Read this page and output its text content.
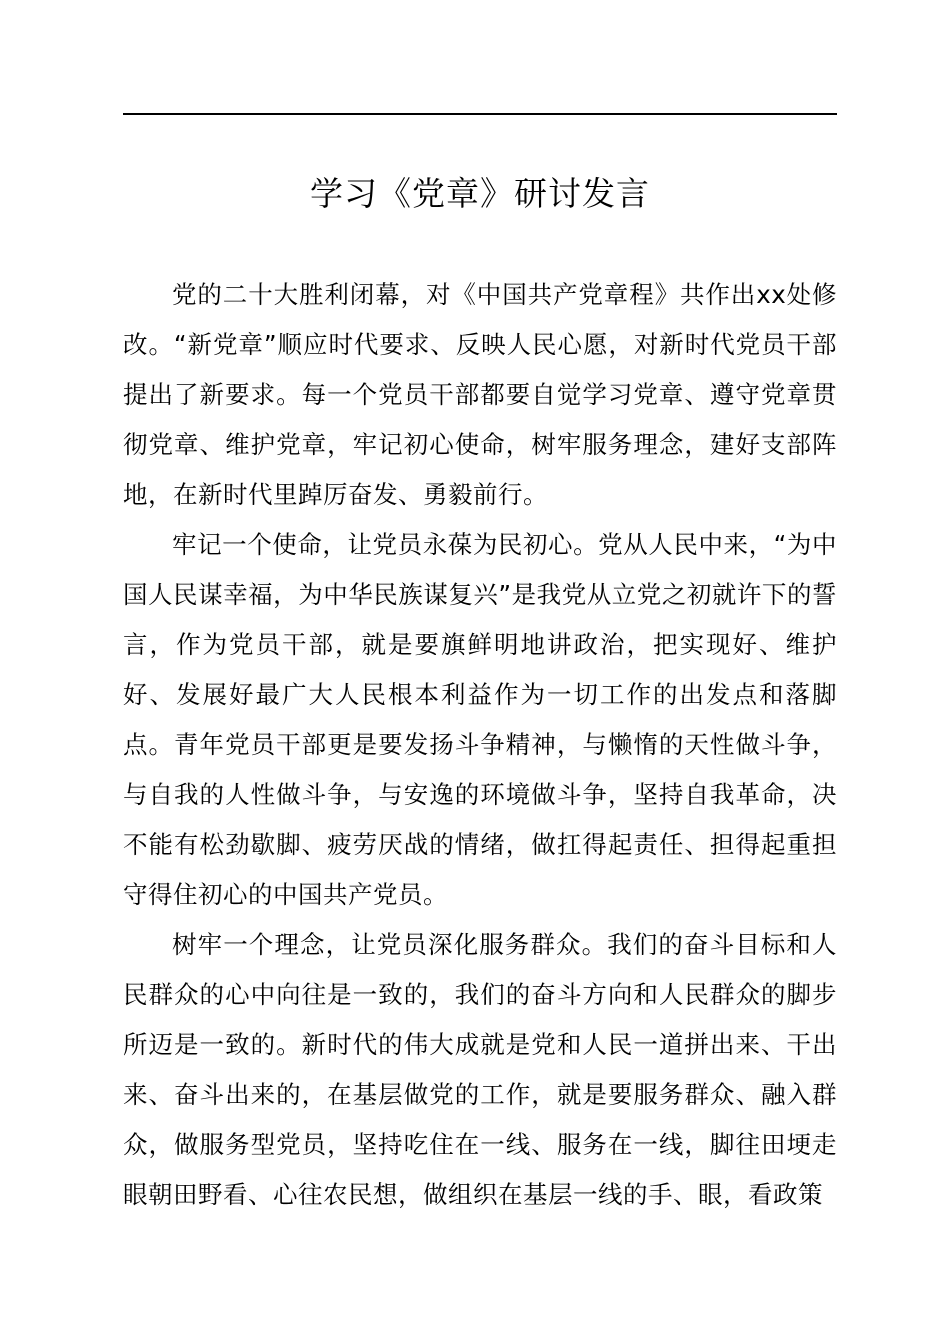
学习《党章》研讨发言

党的二十大胜利闭幕，对《中国共产党章程》共作出xx处修改。“新党章”顺应时代要求、反映人民心愿，对新时代党员干部提出了新要求。每一个党员干部都要自觉学习党章、遵守党章贯彻党章、维护党章，牢记初心使命，树牢服务理念，建好支部阵地，在新时代里踔厉奋发、勇毅前行。

牢记一个使命，让党员永葆为民初心。党从人民中来，“为中国人民谋幸福，为中华民族谋复兴”是我党从立党之初就许下的誓言，作为党员干部，就是要旗鲜明地讲政治，把实现好、维护好、发展好最广大人民根本利益作为一切工作的出发点和落脚点。青年党员干部更是要发扬斗争精神，与懒惰的天性做斗争，与自我的人性做斗争，与安逸的环境做斗争，坚持自我革命，决不能有松劲歇脚、疲劳厌战的情绪，做扛得起责任、担得起重担守得住初心的中国共产党员。

树牢一个理念，让党员深化服务群众。我们的奋斗目标和人民群众的心中向往是一致的，我们的奋斗方向和人民群众的脚步所迈是一致的。新时代的伟大成就是党和人民一道拼出来、干出来、奋斗出来的，在基层做党的工作，就是要服务群众、融入群众，做服务型党员，坚持吃住在一线、服务在一线，脚往田埂走眼朝田野看、心往农民想，做组织在基层一线的手、眼，看政策
